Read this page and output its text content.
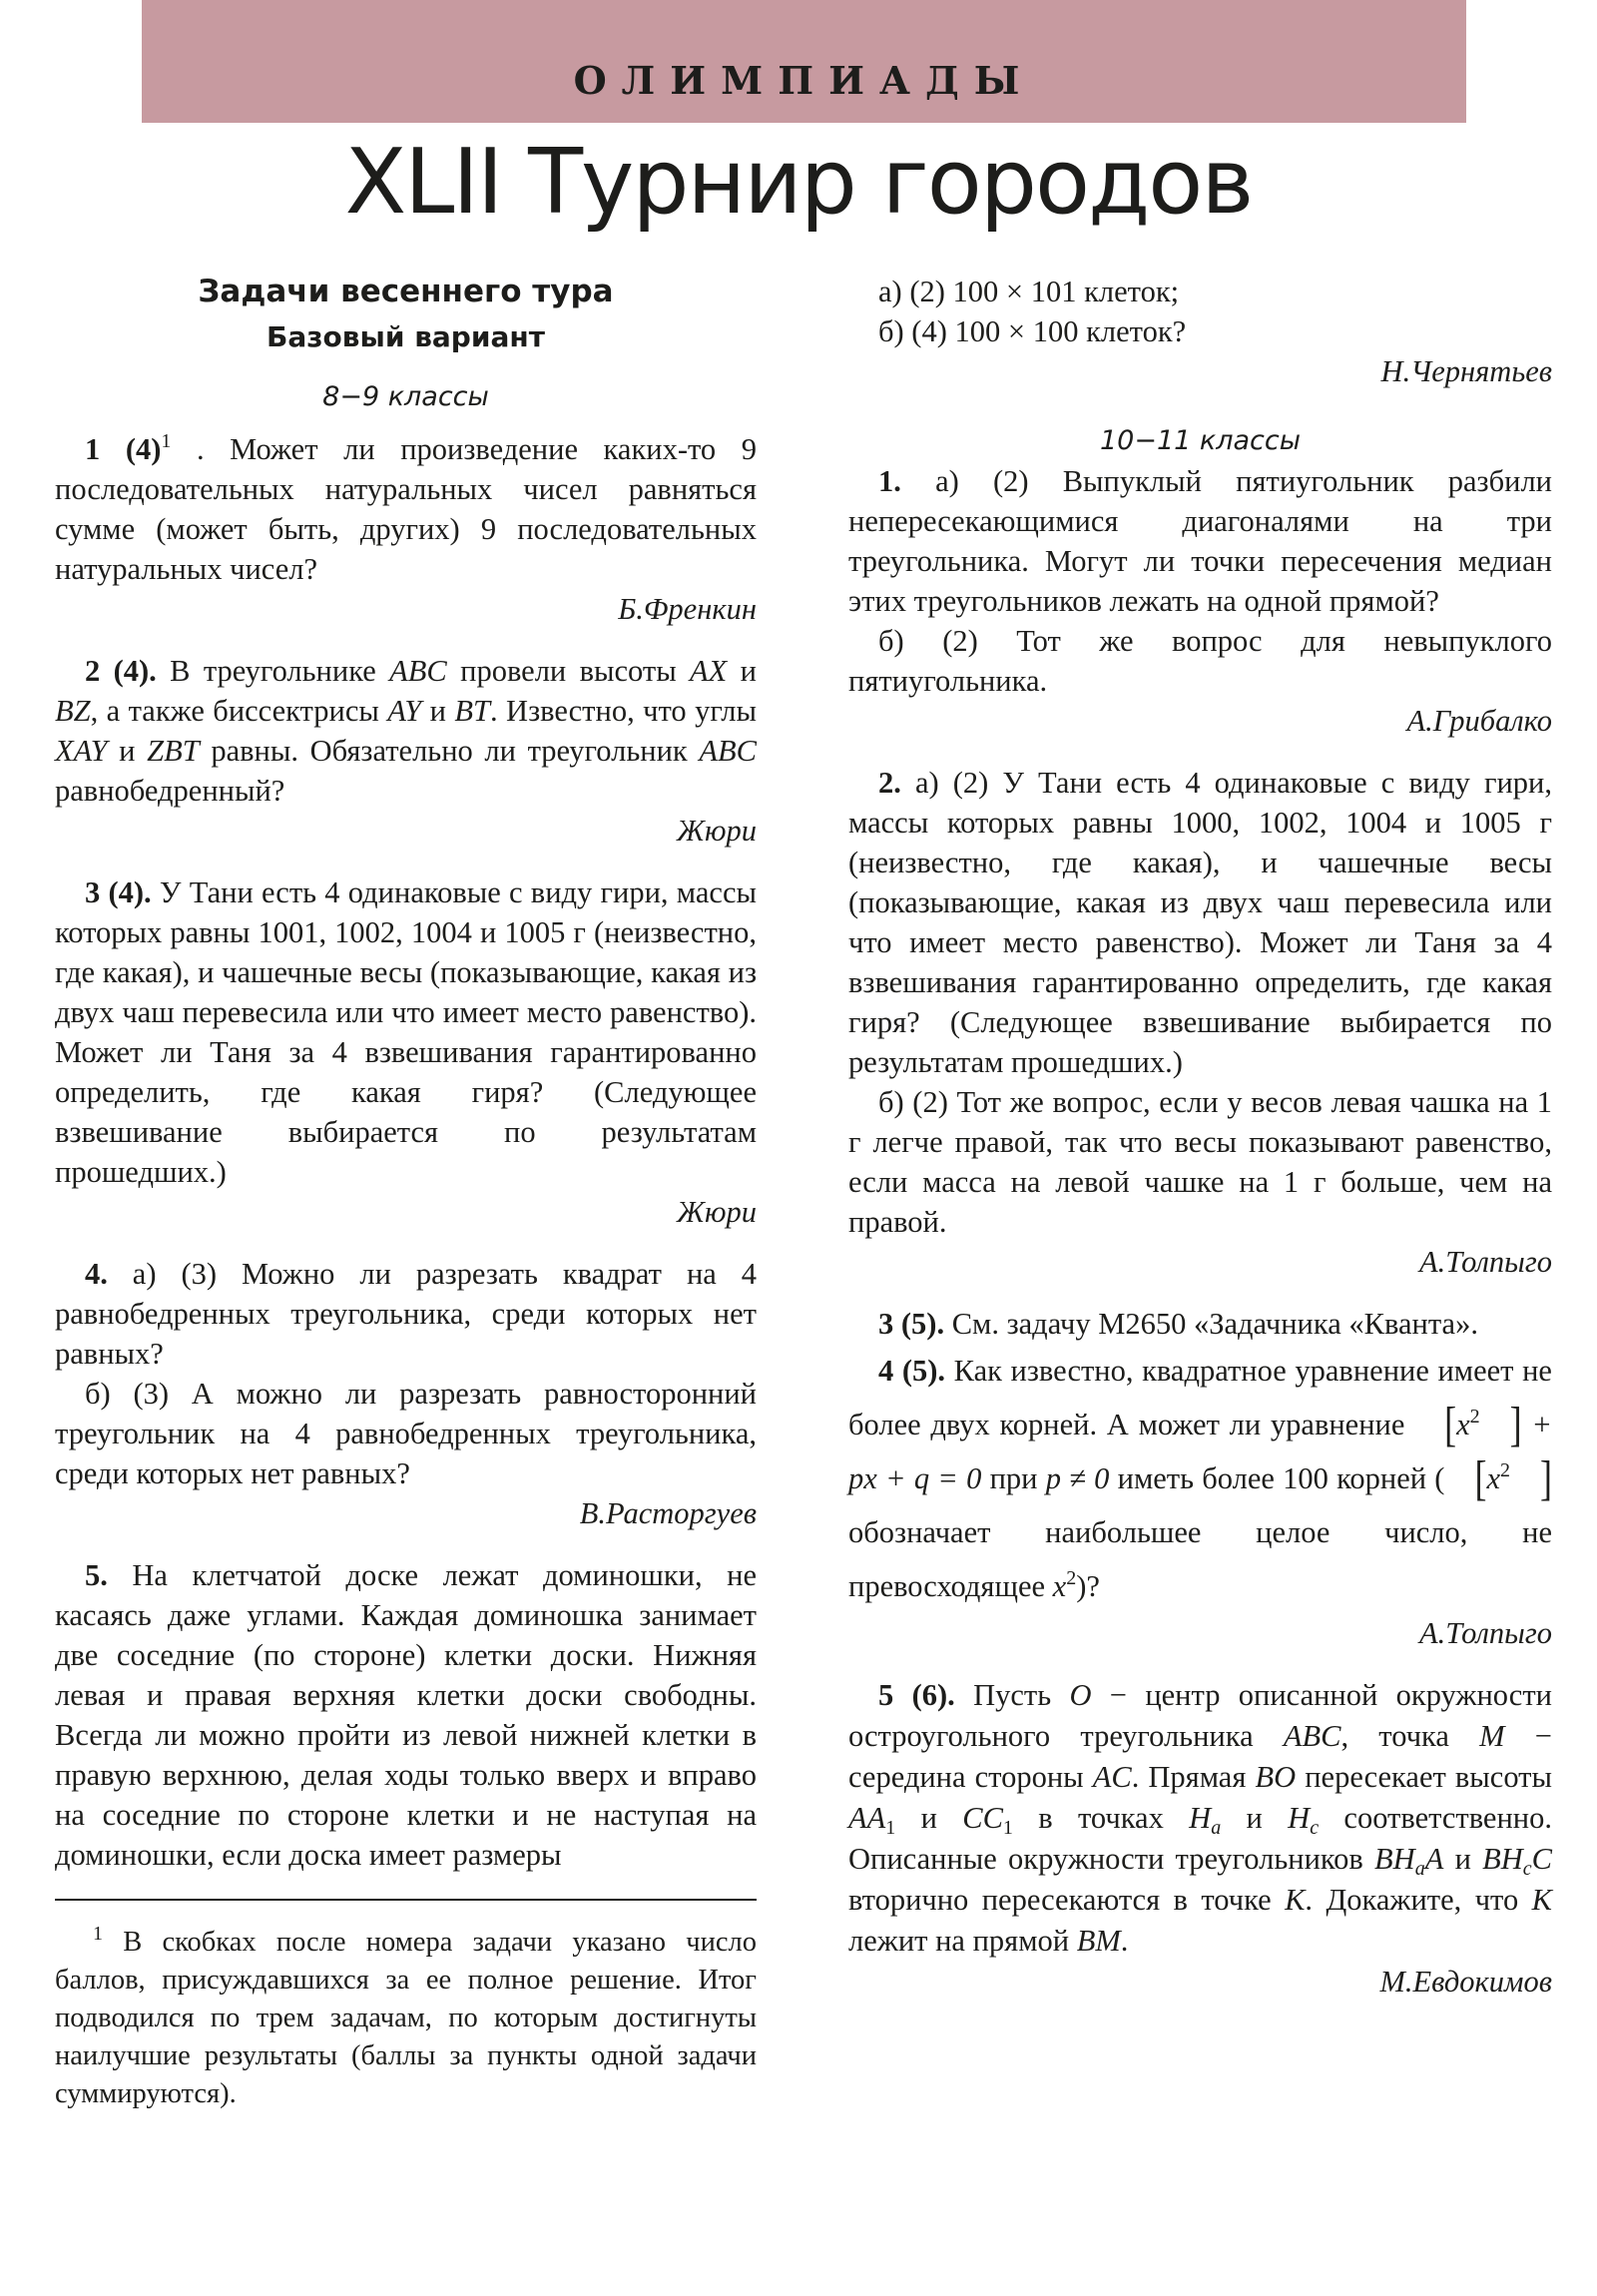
ОЛИМПИАДЫ
XLII Турнир городов

Задачи весеннего тура

Базовый вариант

8−9 классы

1 $(4)^1$ . Может ли произведение каких-то 9 последовательных натуральных чисел равняться сумме (может быть, других) 9 последовательных натуральных чисел?

Б.Френкин

2 (4). В треугольнике ABC провели высоты AX и BZ, а также биссектрисы AY и BT. Известно, что углы XAY и ZBT равны. Обязательно ли треугольник ABC равнобедренный?

Жюри

3 (4). У Тани есть 4 одинаковые с виду гири, массы которых равны 1001, 1002, 1004 и 1005 г (неизвестно, где какая), и чашечные весы (показывающие, какая из двух чаш перевесила или что имеет место равенство). Может ли Таня за 4 взвешивания гарантированно определить, где какая гиря? (Следующее взвешивание выбирается по результатам прошедших.)

Жюри

4. а) (3) Можно ли разрезать квадрат на 4 равнобедренных треугольника, среди которых нет равных?

б) (3) А можно ли разрезать равносторонний треугольник на 4 равнобедренных треугольника, среди которых нет равных?

В.Расторгуев

5. На клетчатой доске лежат доминошки, не касаясь даже углами. Каждая доминошка занимает две соседние (по стороне) клетки доски. Нижняя левая и правая верхняя клетки доски свободны. Всегда ли можно пройти из левой нижней клетки в правую верхнюю, делая ходы только вверх и вправо на соседние по стороне клетки и не наступая на доминошки, если доска имеет размеры

$^1$ В скобках после номера задачи указано число баллов, присуждавшихся за ее полное решение. Итог подводился по трем задачам, по которым достигнуты наилучшие результаты (баллы за пункты одной задачи суммируются).

а) (2) 100 × 101 клеток;

б) (4) 100 × 100 клеток?

Н.Чернятьев

10−11 классы

1. а) (2) Выпуклый пятиугольник разбили непересекающимися диагоналями на три треугольника. Могут ли точки пересечения медиан этих треугольников лежать на одной прямой?

б) (2) Тот же вопрос для невыпуклого пятиугольника.

А.Грибалко

2. а) (2) У Тани есть 4 одинаковые с виду гири, массы которых равны 1000, 1002, 1004 и 1005 г (неизвестно, где какая), и чашечные весы (показывающие, какая из двух чаш перевесила или что имеет место равенство). Может ли Таня за 4 взвешивания гарантированно определить, где какая гиря? (Следующее взвешивание выбирается по результатам прошедших.)

б) (2) Тот же вопрос, если у весов левая чашка на 1 г легче правой, так что весы показывают равенство, если масса на левой чашке на 1 г больше, чем на правой.

А.Толпыго

3 (5). См. задачу М2650 «Задачника «Кванта».

4 (5). Как известно, квадратное уравнение имеет не более двух корней. А может ли уравнение [$x^2$ ] + px + q = 0 при p ≠ 0 иметь более 100 корней ( [$x^2$ ] обозначает наибольшее целое число, не превосходящее $x^2$)?

А.Толпыго

5 (6). Пусть O − центр описанной окружности остроугольного треугольника ABC, точка M − середина стороны AC. Прямая BO пересекает высоты $AA_1$ и $CC_1$ в точках $H_a$ и $H_c$ соответственно. Описанные окружности треугольников $BH_aA$ и $BH_cC$ вторично пересекаются в точке K. Докажите, что K лежит на прямой BM.

М.Евдокимов
